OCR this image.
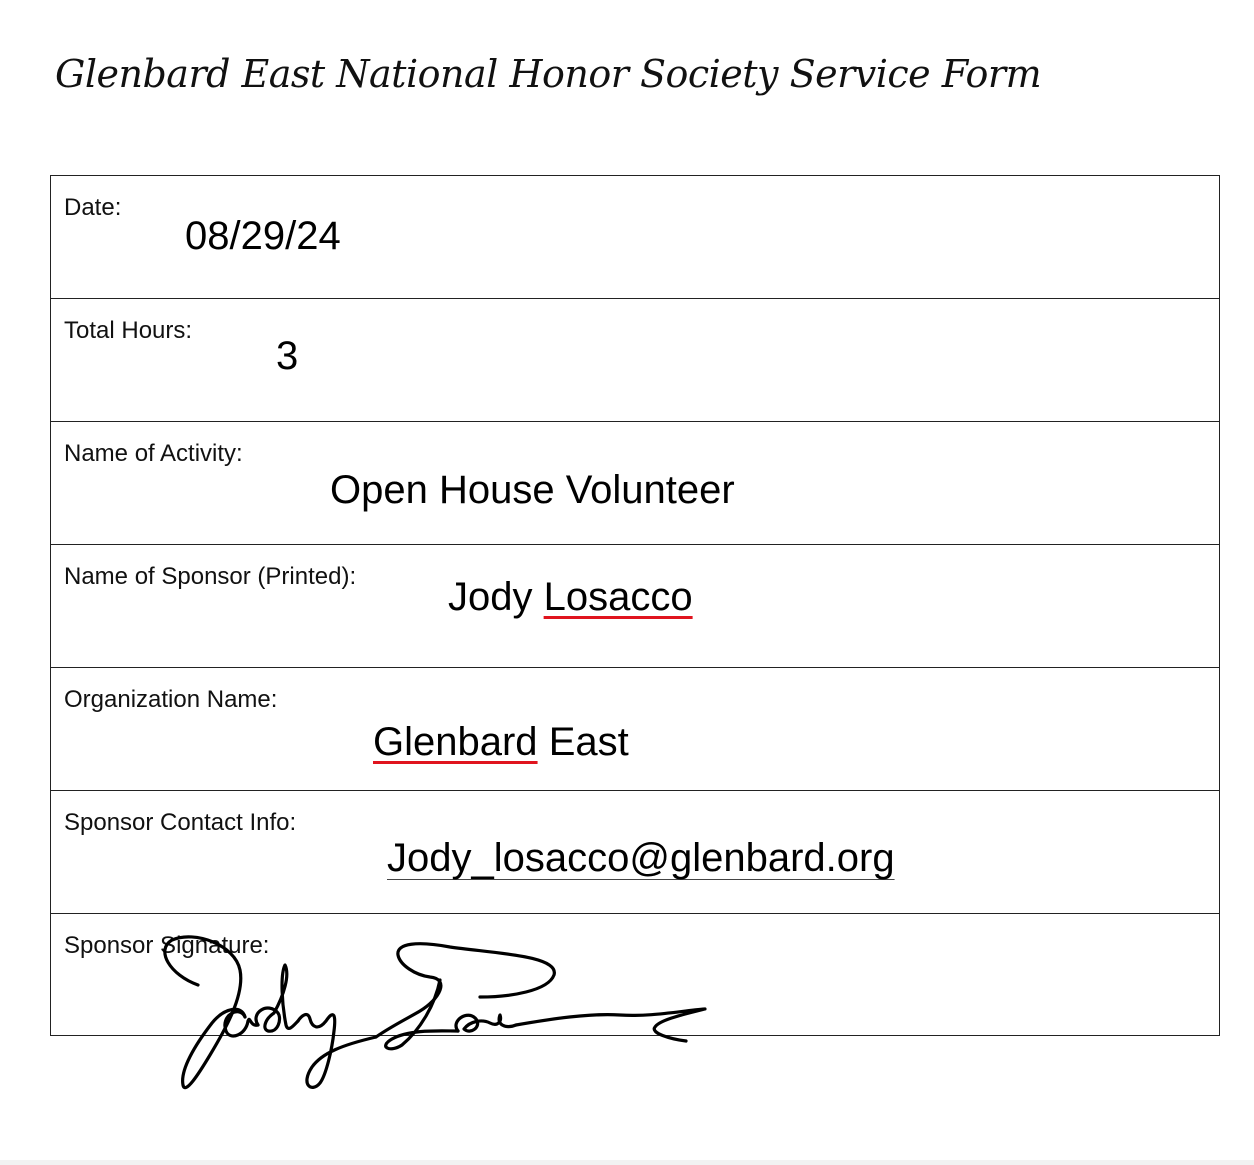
Glenbard East National Honor Society Service Form
Date:
08/29/24
Total Hours:
3
Name of Activity:
Open House Volunteer
Name of Sponsor (Printed): Jody Losacco
Organization Name:
Glenbard East
Sponsor Contact Info:
Jody_losacco@glenbard.org
Sponsor Signature:
